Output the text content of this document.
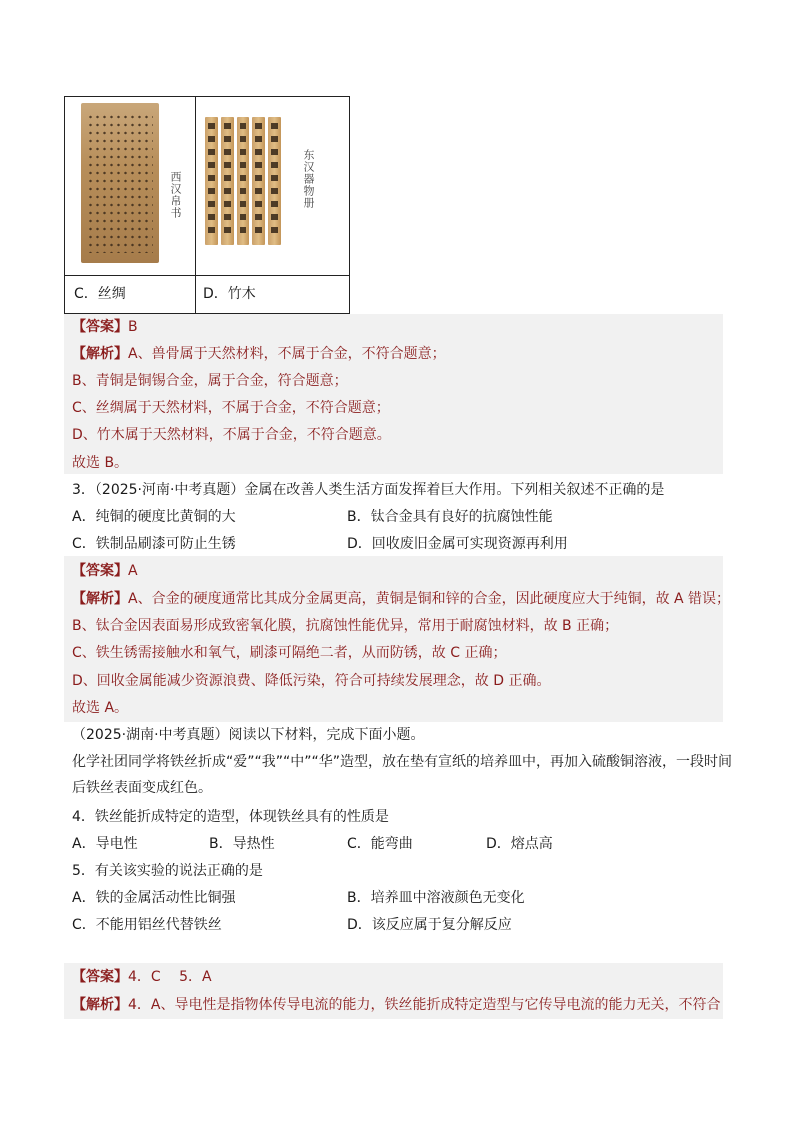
西汉帛书	东汉器物册
C．丝绸	D．竹木
【答案】B
【解析】A、兽骨属于天然材料，不属于合金，不符合题意；
B、青铜是铜锡合金，属于合金，符合题意；
C、丝绸属于天然材料，不属于合金，不符合题意；
D、竹木属于天然材料，不属于合金，不符合题意。
故选 B。
3．（2025·河南·中考真题）金属在改善人类生活方面发挥着巨大作用。下列相关叙述不正确的是
A．纯铜的硬度比黄铜的大	B．钛合金具有良好的抗腐蚀性能
C．铁制品刷漆可防止生锈	D．回收废旧金属可实现资源再利用
【答案】A
【解析】A、合金的硬度通常比其成分金属更高，黄铜是铜和锌的合金，因此硬度应大于纯铜，故 A 错误；
B、钛合金因表面易形成致密氧化膜，抗腐蚀性能优异，常用于耐腐蚀材料，故 B 正确；
C、铁生锈需接触水和氧气，刷漆可隔绝二者，从而防锈，故 C 正确；
D、回收金属能减少资源浪费、降低污染，符合可持续发展理念，故 D 正确。
故选 A。
（2025·湖南·中考真题）阅读以下材料，完成下面小题。
化学社团同学将铁丝折成“爱”“我”“中”“华”造型，放在垫有宣纸的培养皿中，再加入硫酸铜溶液，一段时间
后铁丝表面变成红色。
4．铁丝能折成特定的造型，体现铁丝具有的性质是
A．导电性	B．导热性	C．能弯曲	D．熔点高
5．有关该实验的说法正确的是
A．铁的金属活动性比铜强	B．培养皿中溶液颜色无变化
C．不能用铝丝代替铁丝	D．该反应属于复分解反应
【答案】4．C　 5．A
【解析】4．A、导电性是指物体传导电流的能力，铁丝能折成特定造型与它传导电流的能力无关，不符合
